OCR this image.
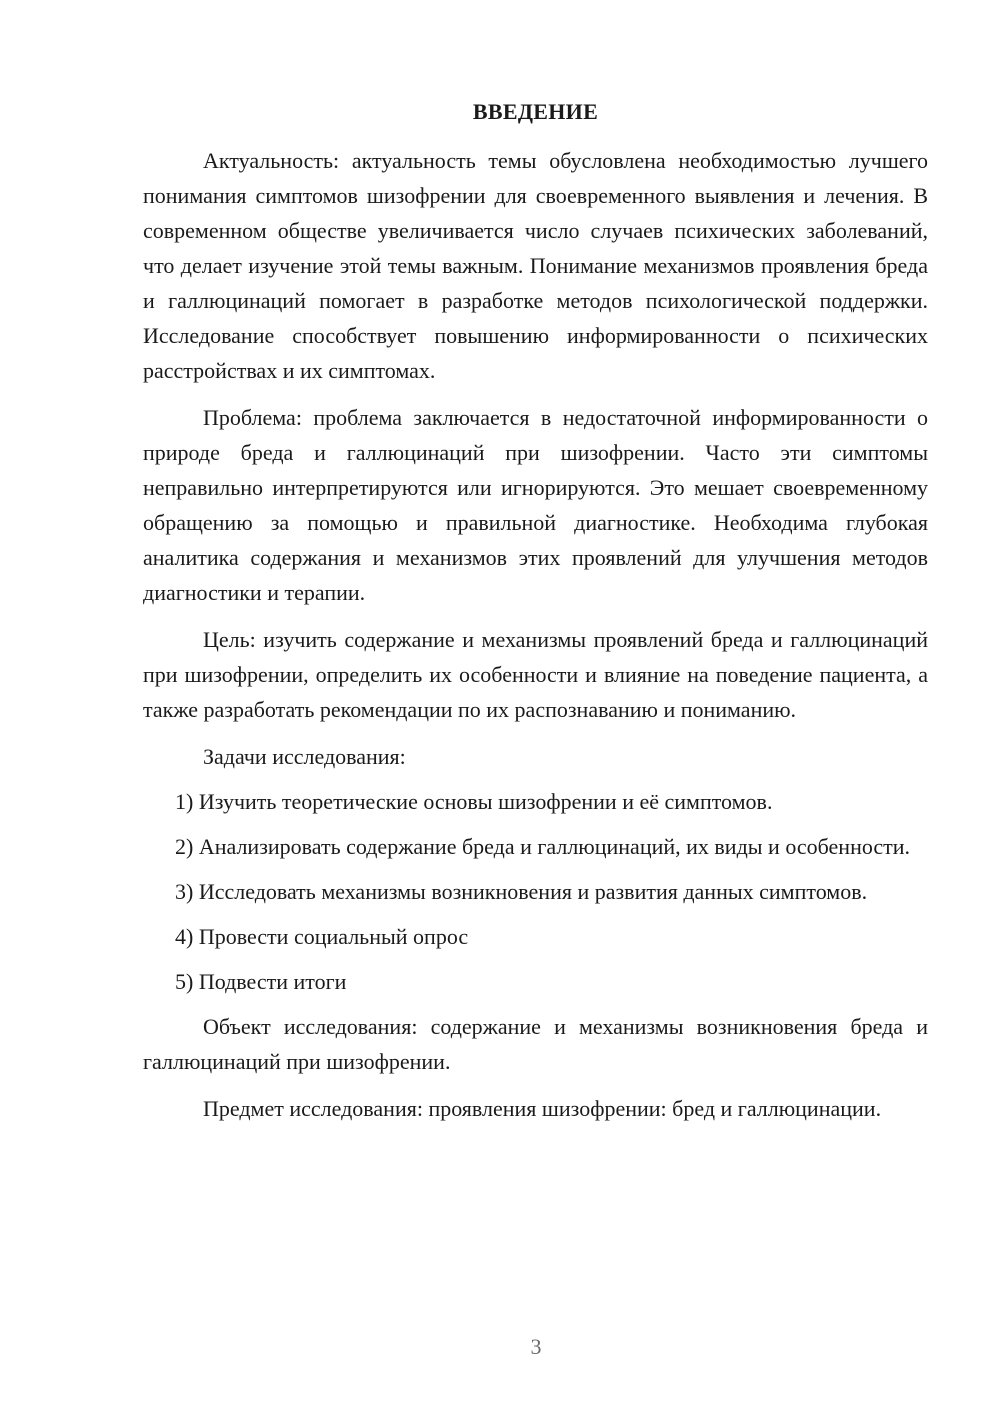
ВВЕДЕНИЕ

Актуальность: актуальность темы обусловлена необходимостью лучшего понимания симптомов шизофрении для своевременного выявления и лечения. В современном обществе увеличивается число случаев психических заболеваний, что делает изучение этой темы важным. Понимание механизмов проявления бреда и галлюцинаций помогает в разработке методов психологической поддержки. Исследование способствует повышению информированности о психических расстройствах и их симптомах.

Проблема: проблема заключается в недостаточной информированности о природе бреда и галлюцинаций при шизофрении. Часто эти симптомы неправильно интерпретируются или игнорируются. Это мешает своевременному обращению за помощью и правильной диагностике. Необходима глубокая аналитика содержания и механизмов этих проявлений для улучшения методов диагностики и терапии.

Цель: изучить содержание и механизмы проявлений бреда и галлюцинаций при шизофрении, определить их особенности и влияние на поведение пациента, а также разработать рекомендации по их распознаванию и пониманию.

Задачи исследования:

1) Изучить теоретические основы шизофрении и её симптомов.

2) Анализировать содержание бреда и галлюцинаций, их виды и особенности.

3) Исследовать механизмы возникновения и развития данных симптомов.

4) Провести социальный опрос

5) Подвести итоги

Объект исследования: содержание и механизмы возникновения бреда и галлюцинаций при шизофрении.

Предмет исследования: проявления шизофрении: бред и галлюцинации.

3
